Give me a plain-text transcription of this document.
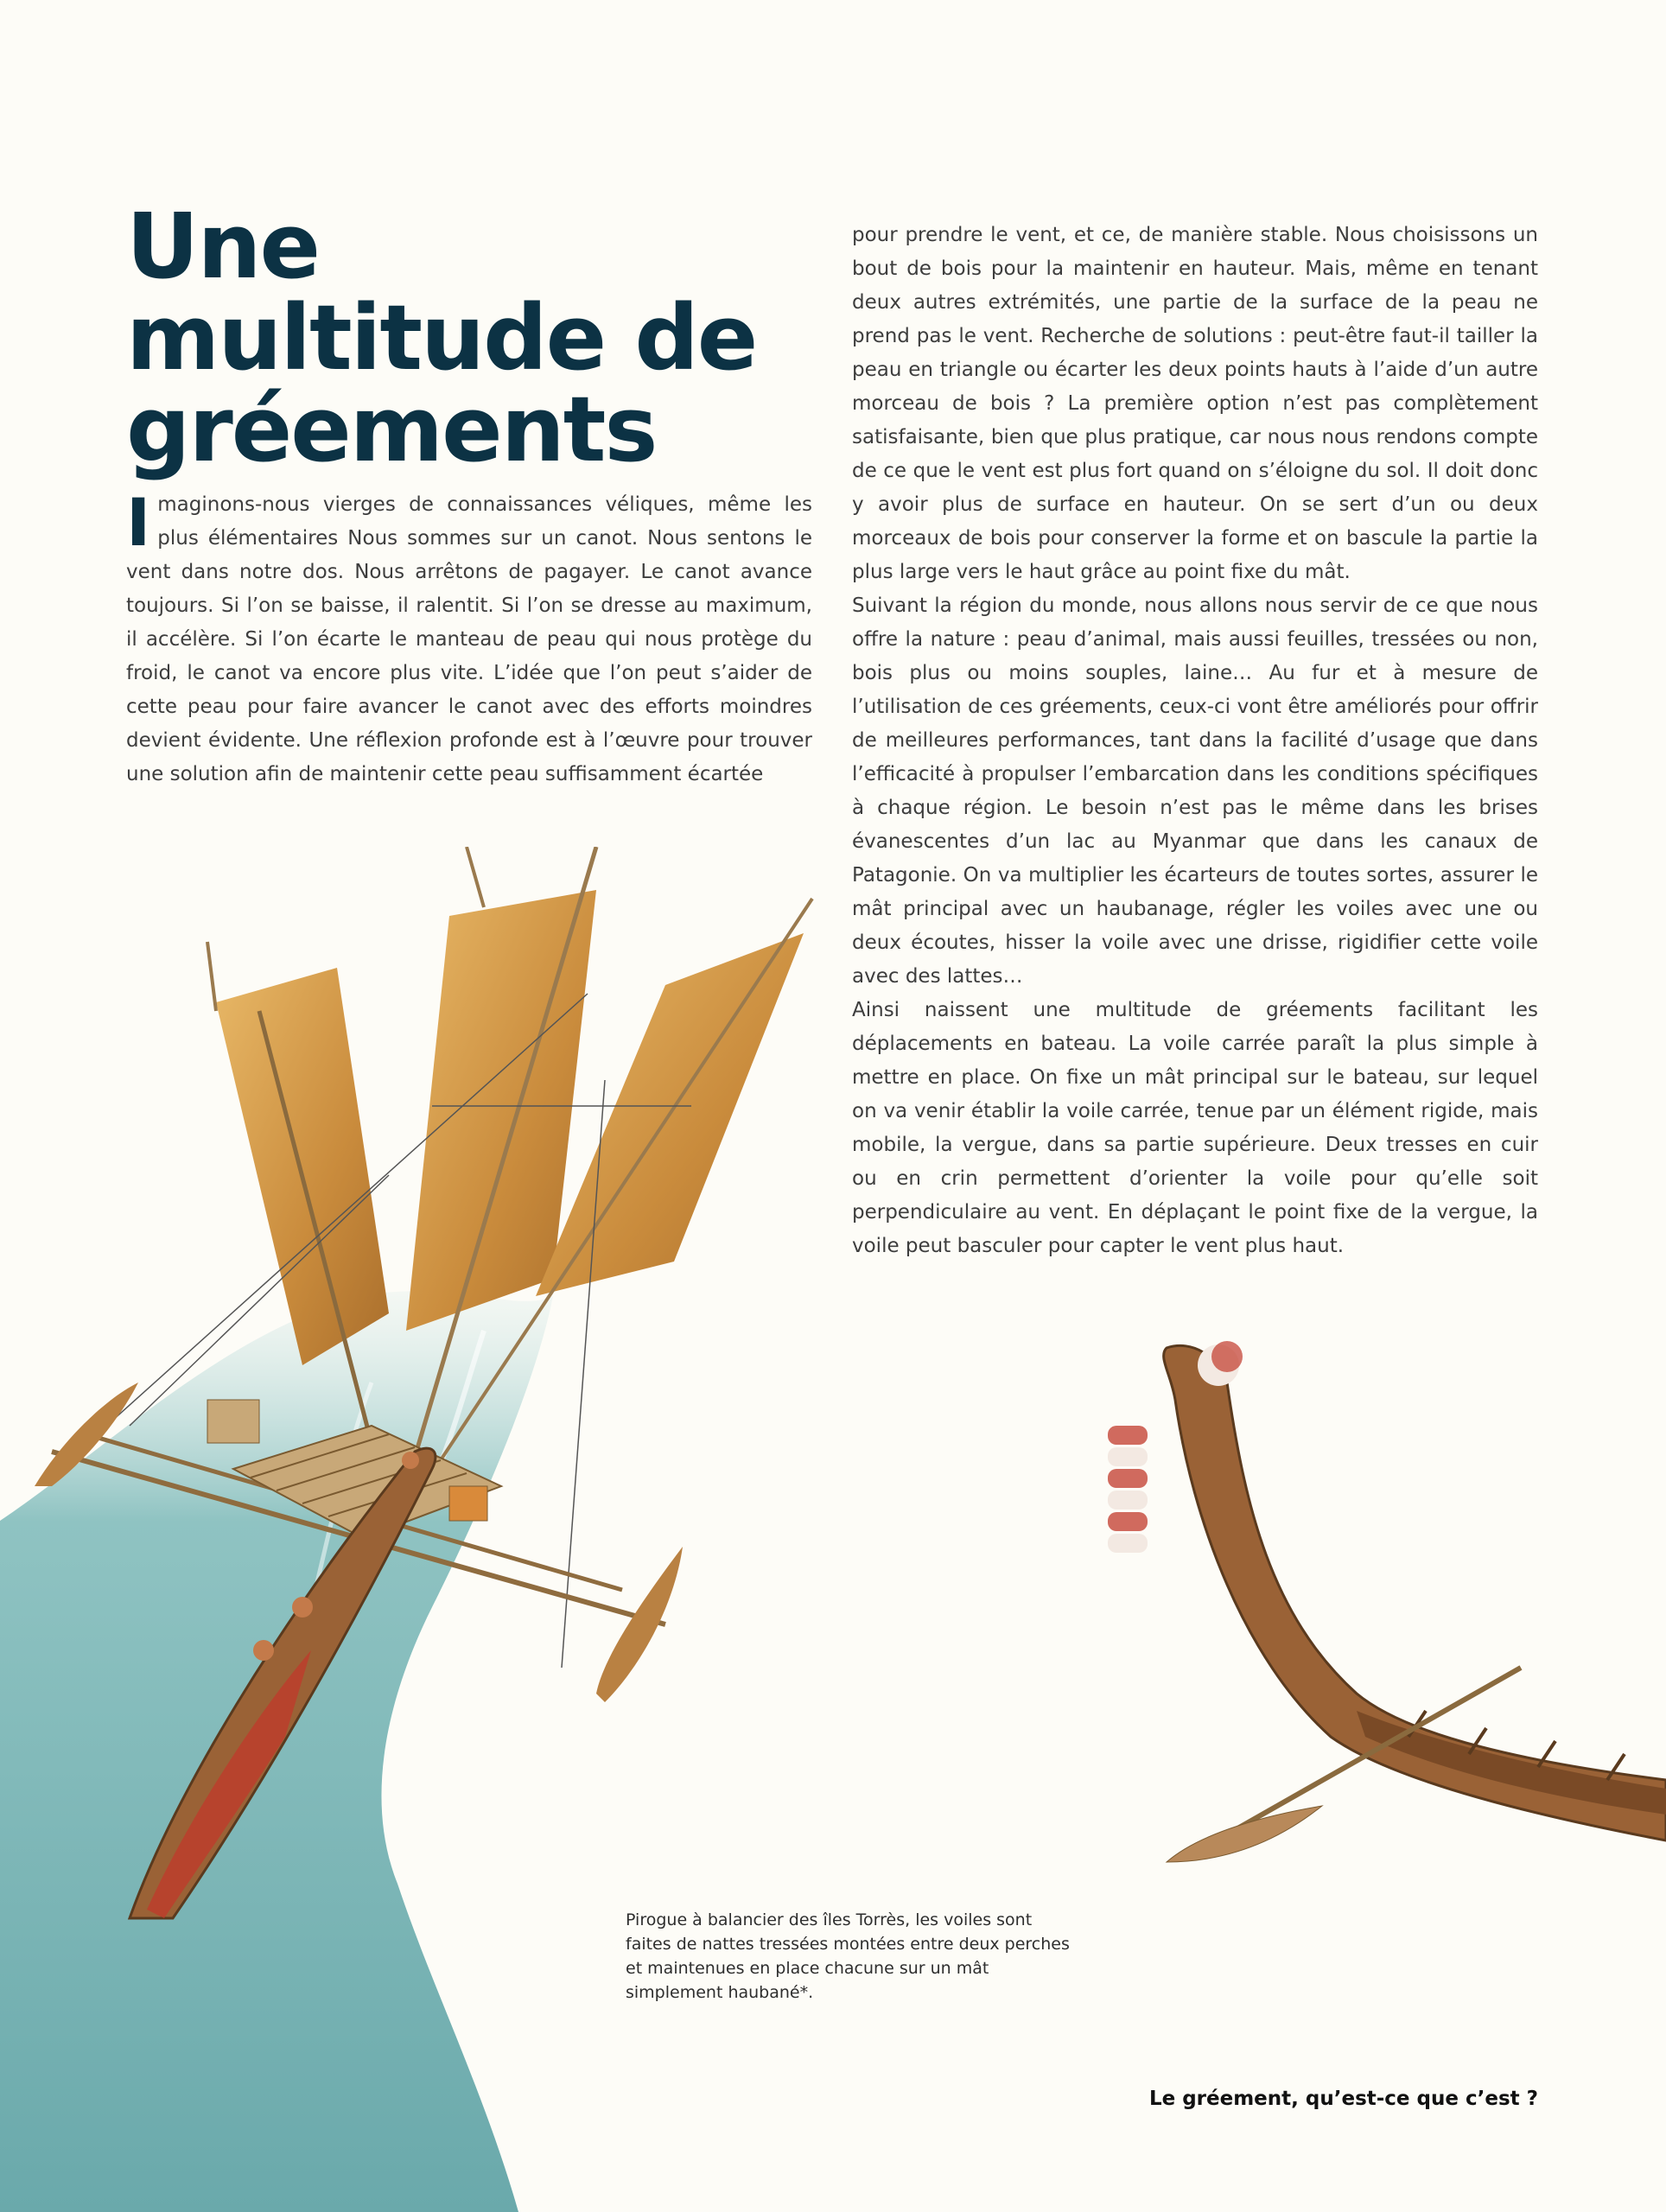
Une multitude de gréements
I maginons-nous vierges de connaissances véliques, même les plus élémentaires Nous sommes sur un canot. Nous sentons le vent dans notre dos. Nous arrêtons de pagayer. Le canot avance toujours. Si l’on se baisse, il ralentit. Si l’on se dresse au maximum, il accélère. Si l’on écarte le manteau de peau qui nous protège du froid, le canot va encore plus vite. L’idée que l’on peut s’aider de cette peau pour faire avancer le canot avec des efforts moindres devient évidente. Une réflexion profonde est à l’œuvre pour trouver une solution afin de maintenir cette peau suffisamment écartée

pour prendre le vent, et ce, de manière stable. Nous choisissons un bout de bois pour la maintenir en hauteur. Mais, même en tenant deux autres extrémités, une partie de la surface de la peau ne prend pas le vent. Recherche de solutions : peut-être faut-il tailler la peau en triangle ou écarter les deux points hauts à l’aide d’un autre morceau de bois ? La première option n’est pas complètement satisfaisante, bien que plus pratique, car nous nous rendons compte de ce que le vent est plus fort quand on s’éloigne du sol. Il doit donc y avoir plus de surface en hauteur. On se sert d’un ou deux morceaux de bois pour conserver la forme et on bascule la partie la plus large vers le haut grâce au point fixe du mât.

Suivant la région du monde, nous allons nous servir de ce que nous offre la nature : peau d’animal, mais aussi feuilles, tressées ou non, bois plus ou moins souples, laine… Au fur et à mesure de l’utilisation de ces gréements, ceux-ci vont être améliorés pour offrir de meilleures performances, tant dans la facilité d’usage que dans l’efficacité à propulser l’embarcation dans les conditions spécifiques à chaque région. Le besoin n’est pas le même dans les brises évanescentes d’un lac au Myanmar que dans les canaux de Patagonie. On va multiplier les écarteurs de toutes sortes, assurer le mât principal avec un haubanage, régler les voiles avec une ou deux écoutes, hisser la voile avec une drisse, rigidifier cette voile avec des lattes…

Ainsi naissent une multitude de gréements facilitant les déplacements en bateau. La voile carrée paraît la plus simple à mettre en place. On fixe un mât principal sur le bateau, sur lequel on va venir établir la voile carrée, tenue par un élément rigide, mais mobile, la vergue, dans sa partie supérieure. Deux tresses en cuir ou en crin permettent d’orienter la voile pour qu’elle soit perpendiculaire au vent. En déplaçant le point fixe de la vergue, la voile peut basculer pour capter le vent plus haut.

Pirogue à balancier des îles Torrès, les voiles sont faites de nattes tressées montées entre deux perches et maintenues en place chacune sur un mât simplement haubané*.
Le gréement, qu’est-ce que c’est ?
